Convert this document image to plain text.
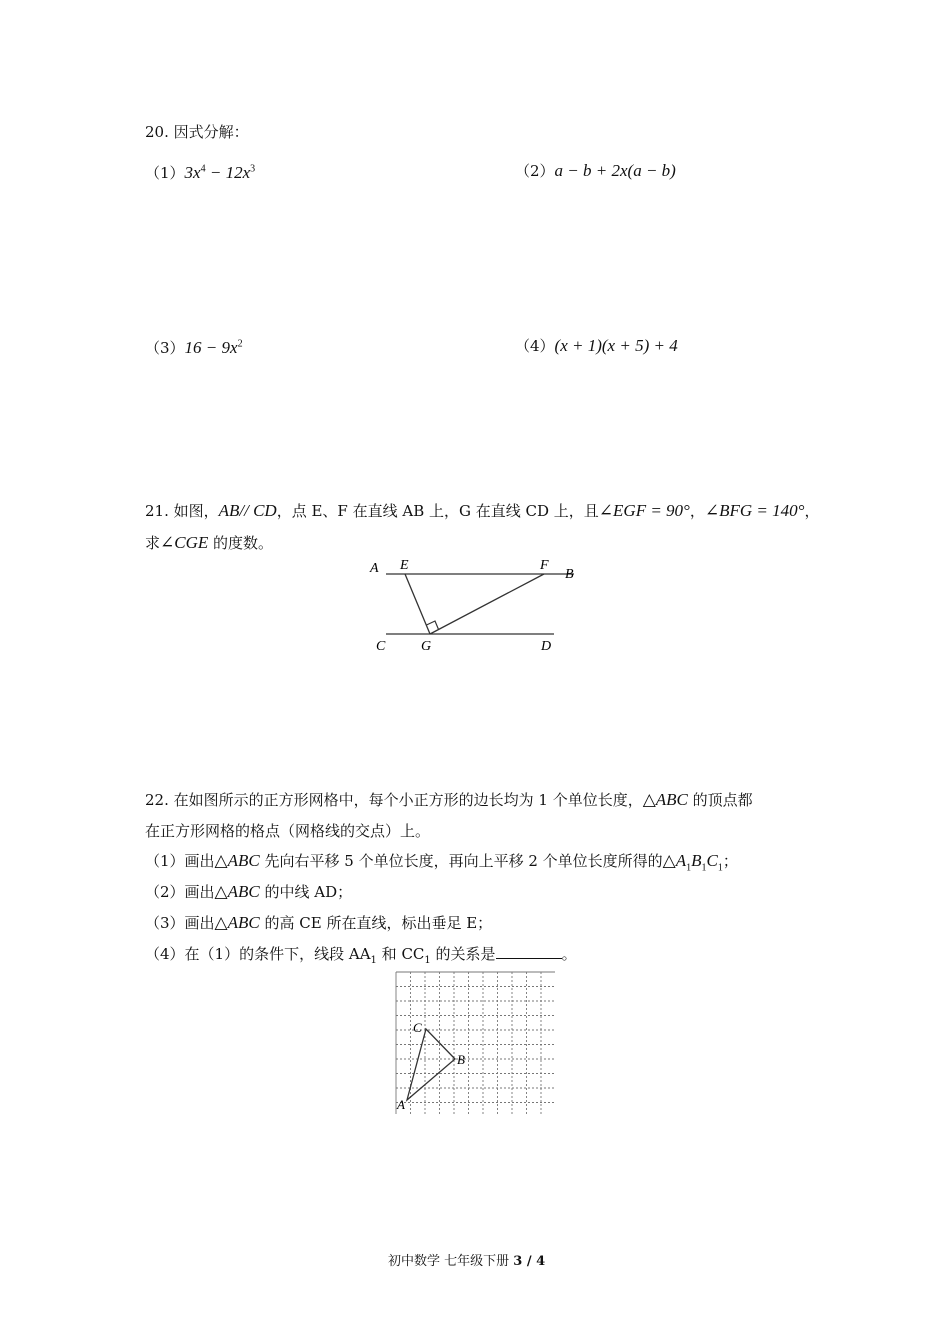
20. 因式分解：
$(1)3x^4 - 12x^3$	（2）a − b + 2x(a − b)
$(3)16 - 9x^2$	（4）(x + 1)(x + 5) + 4
21. 如图，AB// CD，点 E、F 在直线 AB 上，G 在直线 CD 上，且∠EGF = 90°，∠BFG = 140°，
求∠CGE 的度数。
A E	F
B
C	G	D
22. 在如图所示的正方形网格中，每个小正方形的边长均为 1 个单位长度，△ABC 的顶点都
在正方形网格的格点（网格线的交点）上。
（1）画出△ABC 先向右平移 5 个单位长度，再向上平移 2 个单位长度所得的$\triangle A_1B_1C_1$；
（2）画出△ABC 的中线 AD；
（3）画出△ABC 的高 CE 所在直线，标出垂足 E；
（4）在（1）的条件下，线段 $AA_1$ 和 $CC_1$ 的关系是	。
A
C
B
初中数学 七年级下册 3 / 4
